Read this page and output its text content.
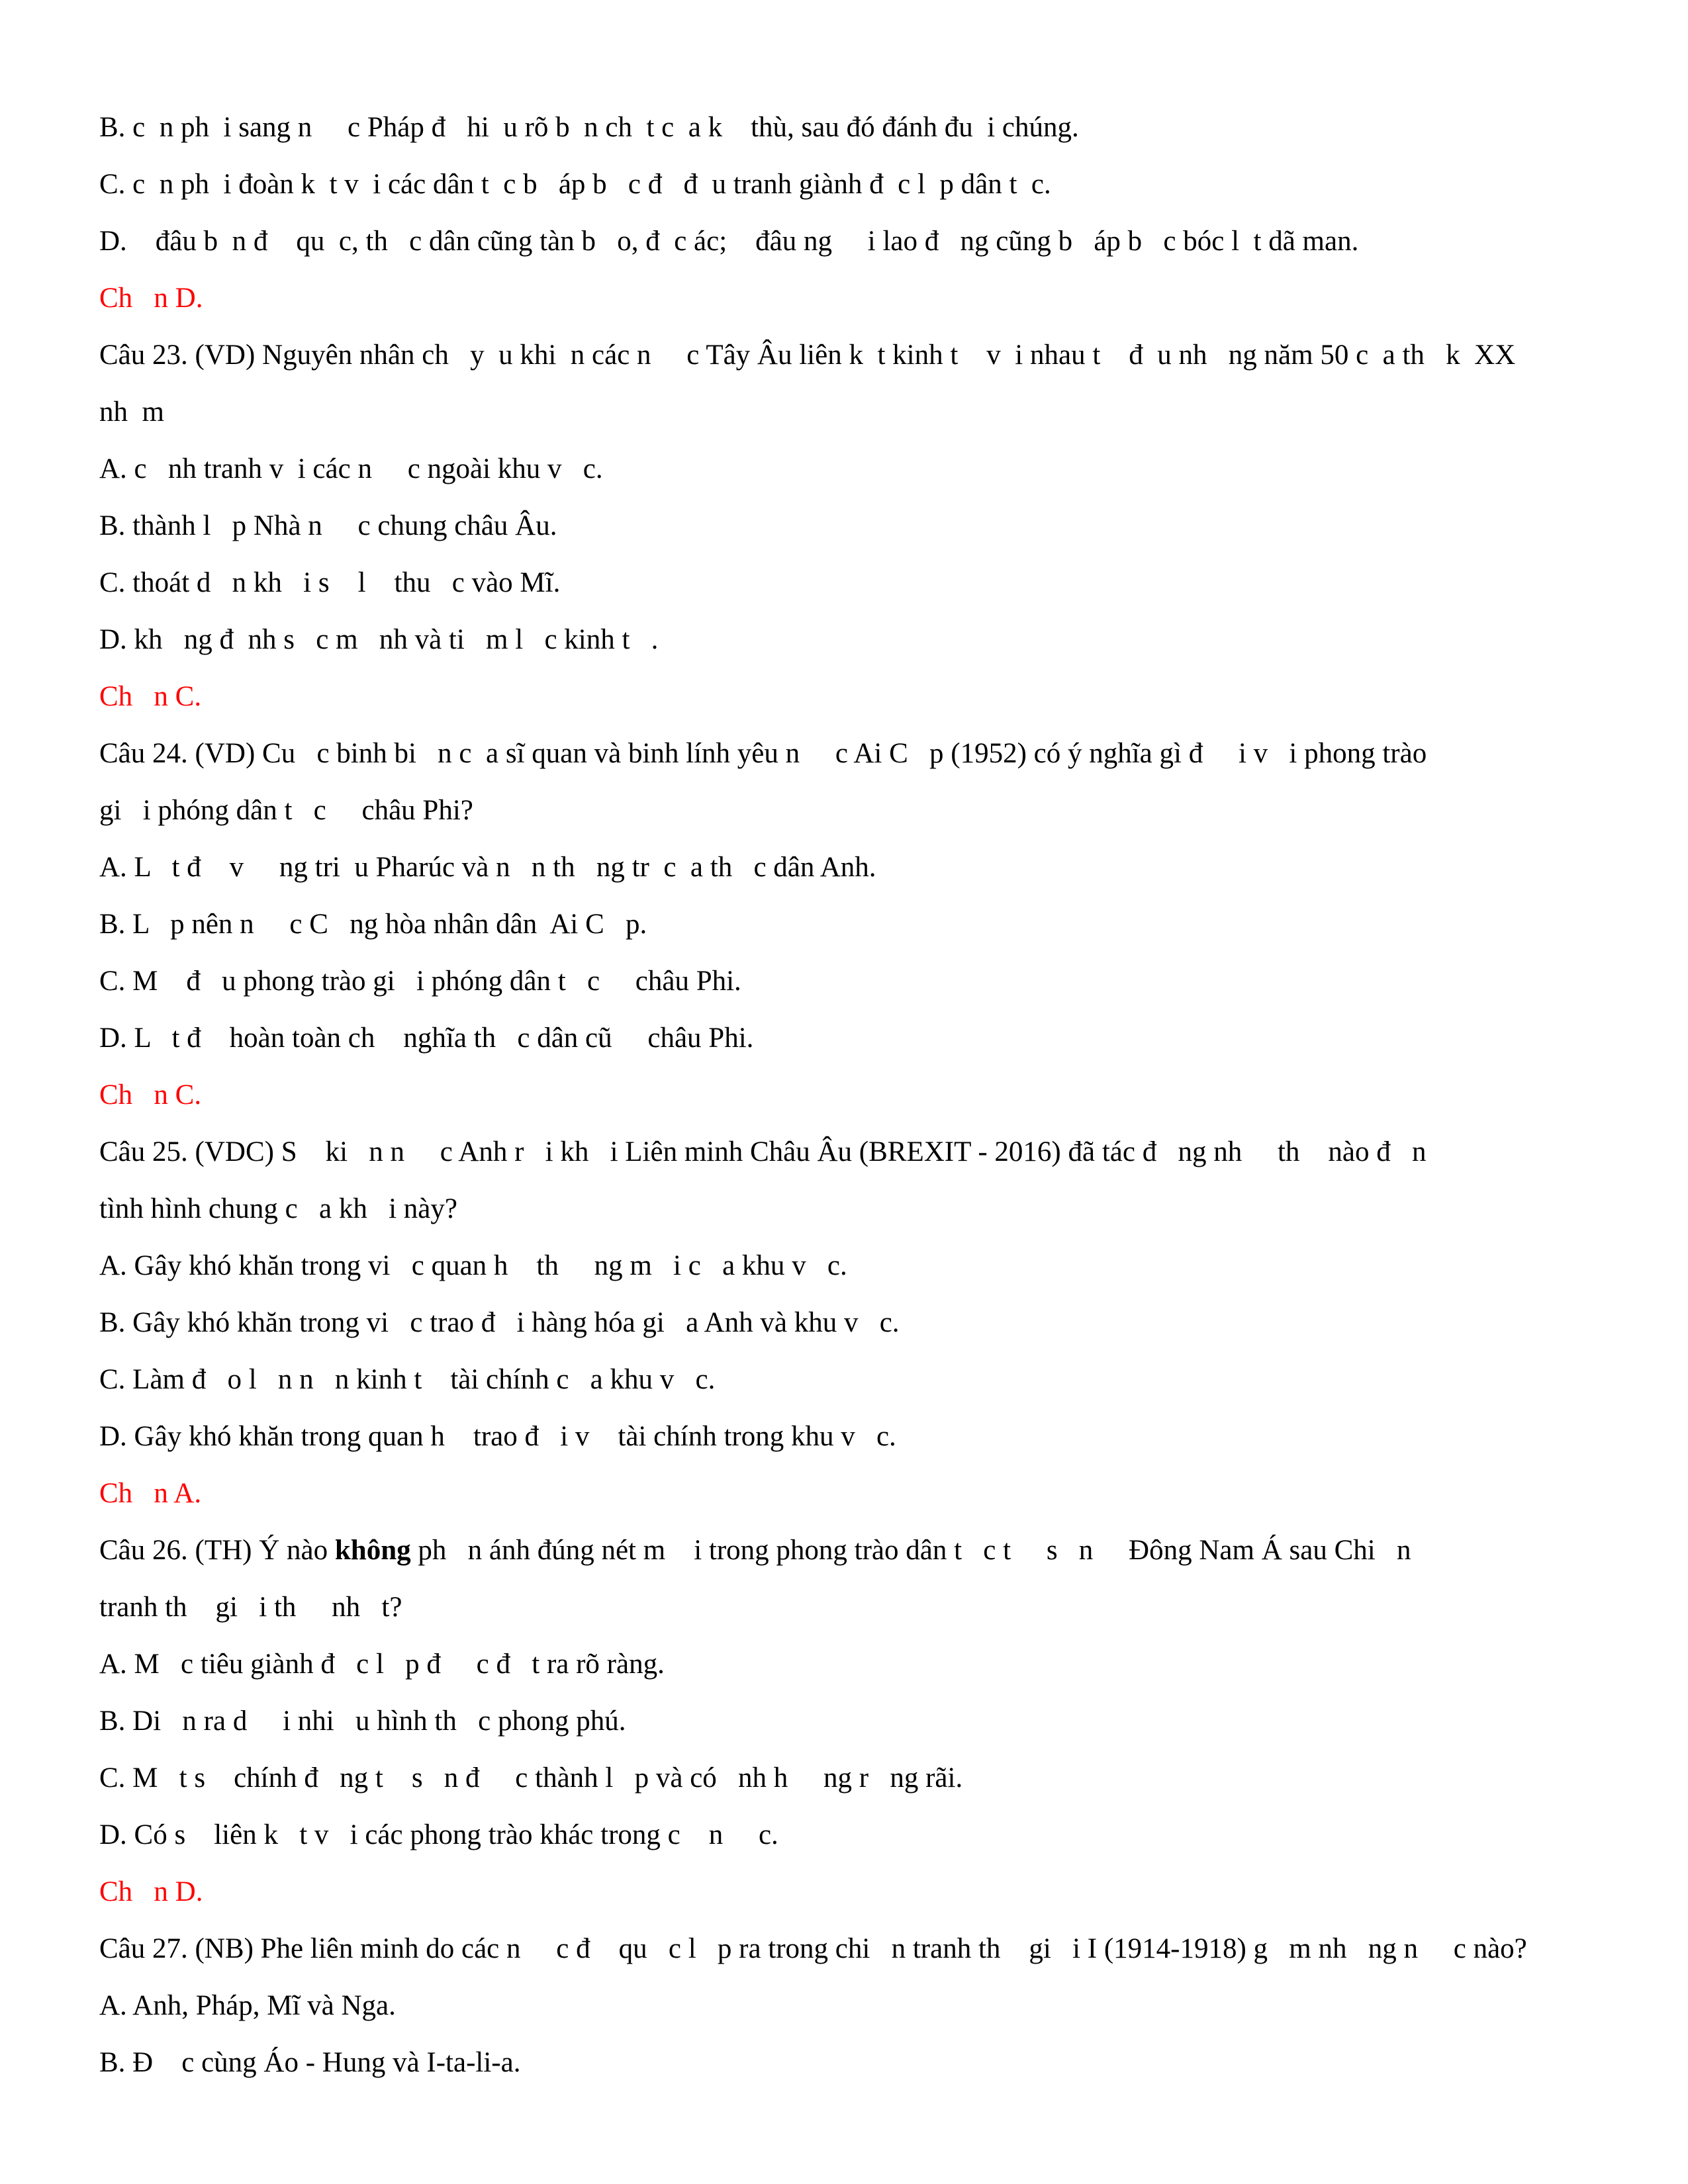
B. c  n ph  i sang n     c Pháp đ   hi  u rõ b  n ch  t c  a k    thù, sau đó đánh đu  i chúng.
C. c  n ph  i đoàn k  t v  i các dân t  c b   áp b   c đ   đ  u tranh giành đ  c l  p dân t  c.
D.    đâu b  n đ    qu  c, th   c dân cũng tàn b   o, đ  c ác;    đâu ng     i lao đ   ng cũng b   áp b   c bóc l  t dã man.
Ch   n D.
Câu 23. (VD) Nguyên nhân ch   y  u khi  n các n     c Tây Âu liên k  t kinh t    v  i nhau t    đ  u nh   ng năm 50 c  a th   k  XX
nh  m
A. c   nh tranh v  i các n     c ngoài khu v   c.
B. thành l   p Nhà n     c chung châu Âu.
C. thoát d   n kh   i s    l    thu   c vào Mĩ.
D. kh   ng đ  nh s   c m   nh và ti   m l   c kinh t   .
Ch   n C.
Câu 24. (VD) Cu   c binh bi   n c  a sĩ quan và binh lính yêu n     c Ai C   p (1952) có ý nghĩa gì đ     i v   i phong trào
gi   i phóng dân t   c     châu Phi?
A. L   t đ    v     ng tri  u Pharúc và n   n th   ng tr  c  a th   c dân Anh.
B. L   p nên n     c C   ng hòa nhân dân  Ai C   p.
C. M    đ   u phong trào gi   i phóng dân t   c     châu Phi.
D. L   t đ    hoàn toàn ch    nghĩa th   c dân cũ     châu Phi.
Ch   n C.
Câu 25. (VDC) S    ki   n n     c Anh r   i kh   i Liên minh Châu Âu (BREXIT - 2016) đã tác đ   ng nh     th    nào đ   n
tình hình chung c   a kh   i này?
A. Gây khó khăn trong vi   c quan h    th     ng m   i c   a khu v   c.
B. Gây khó khăn trong vi   c trao đ   i hàng hóa gi   a Anh và khu v   c.
C. Làm đ   o l   n n   n kinh t    tài chính c   a khu v   c.
D. Gây khó khăn trong quan h    trao đ   i v    tài chính trong khu v   c.
Ch   n A.
Câu 26. (TH) Ý nào không ph   n ánh đúng nét m    i trong phong trào dân t   c t     s   n     Đông Nam Á sau Chi   n
tranh th    gi   i th     nh   t?
A. M   c tiêu giành đ   c l   p đ     c đ   t ra rõ ràng.
B. Di   n ra d     i nhi   u hình th   c phong phú.
C. M   t s    chính đ   ng t    s   n đ     c thành l   p và có   nh h     ng r   ng rãi.
D. Có s    liên k   t v   i các phong trào khác trong c    n     c.
Ch   n D.
Câu 27. (NB) Phe liên minh do các n     c đ    qu   c l   p ra trong chi   n tranh th    gi   i I (1914-1918) g   m nh   ng n     c nào?
A. Anh, Pháp, Mĩ và Nga.
B. Đ    c cùng Áo - Hung và I-ta-li-a.
